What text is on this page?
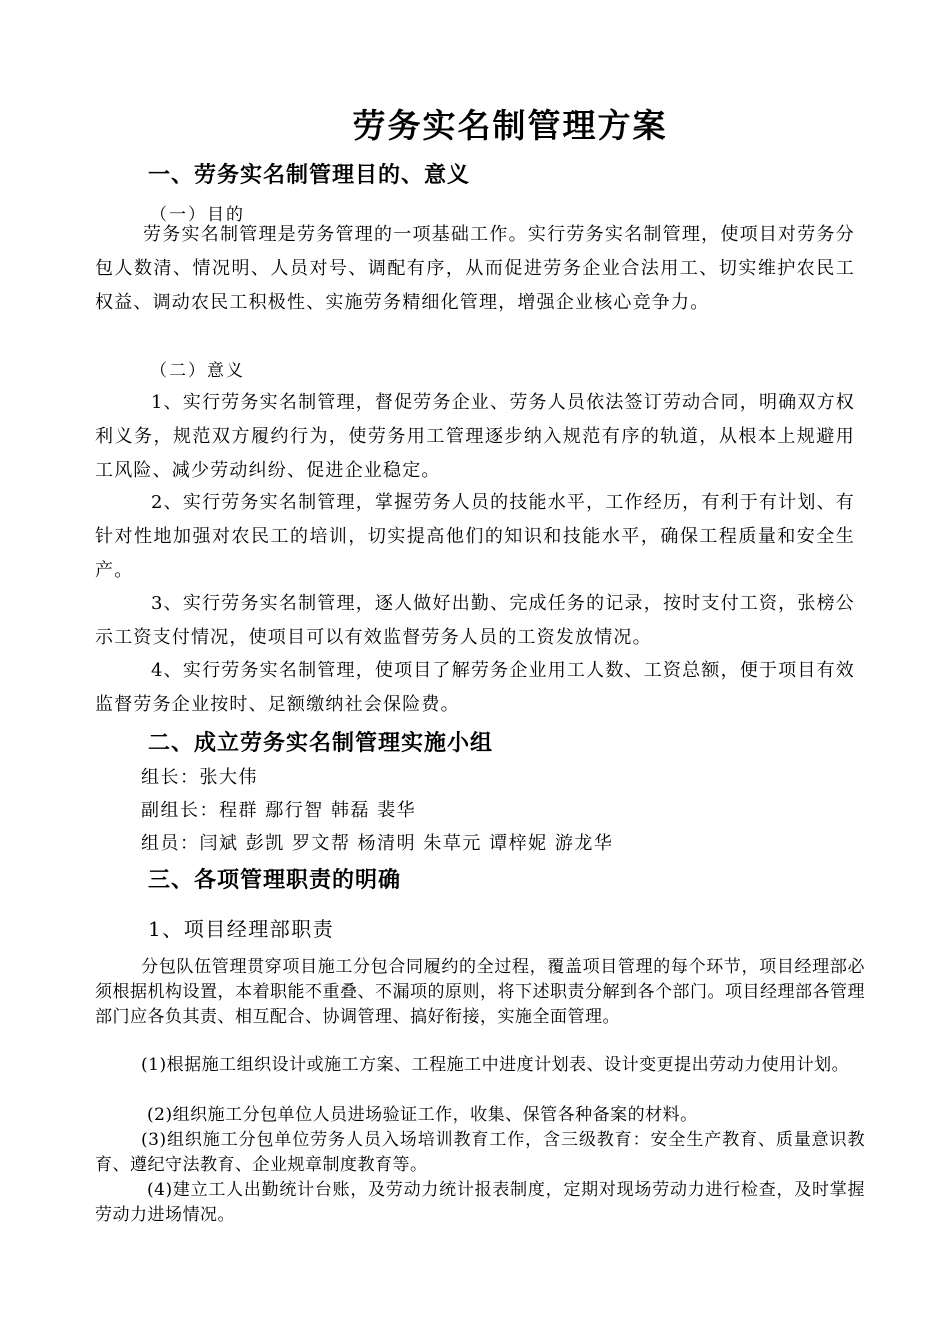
劳务实名制管理方案
一、劳务实名制管理目的、意义
（一）目的
劳务实名制管理是劳务管理的一项基础工作。实行劳务实名制管理，使项目对劳务分包人数清、情况明、人员对号、调配有序，从而促进劳务企业合法用工、切实维护农民工权益、调动农民工积极性、实施劳务精细化管理，增强企业核心竞争力。
（二）意义
1、实行劳务实名制管理，督促劳务企业、劳务人员依法签订劳动合同，明确双方权利义务，规范双方履约行为，使劳务用工管理逐步纳入规范有序的轨道，从根本上规避用工风险、减少劳动纠纷、促进企业稳定。
2、实行劳务实名制管理，掌握劳务人员的技能水平，工作经历，有利于有计划、有针对性地加强对农民工的培训，切实提高他们的知识和技能水平，确保工程质量和安全生产。
3、实行劳务实名制管理，逐人做好出勤、完成任务的记录，按时支付工资，张榜公示工资支付情况，使项目可以有效监督劳务人员的工资发放情况。
4、实行劳务实名制管理，使项目了解劳务企业用工人数、工资总额，便于项目有效监督劳务企业按时、足额缴纳社会保险费。
二、成立劳务实名制管理实施小组
组长：张大伟
副组长：程群 鄢行智 韩磊 裴华
组员：闫斌 彭凯 罗文帮 杨清明 朱草元 谭梓妮 游龙华
三、各项管理职责的明确
1、项目经理部职责
分包队伍管理贯穿项目施工分包合同履约的全过程，覆盖项目管理的每个环节，项目经理部必须根据机构设置，本着职能不重叠、不漏项的原则，将下述职责分解到各个部门。项目经理部各管理部门应各负其责、相互配合、协调管理、搞好衔接，实施全面管理。
(1)根据施工组织设计或施工方案、工程施工中进度计划表、设计变更提出劳动力使用计划。
(2)组织施工分包单位人员进场验证工作，收集、保管各种备案的材料。
(3)组织施工分包单位劳务人员入场培训教育工作，含三级教育：安全生产教育、质量意识教育、遵纪守法教育、企业规章制度教育等。
(4)建立工人出勤统计台账，及劳动力统计报表制度，定期对现场劳动力进行检查，及时掌握劳动力进场情况。
